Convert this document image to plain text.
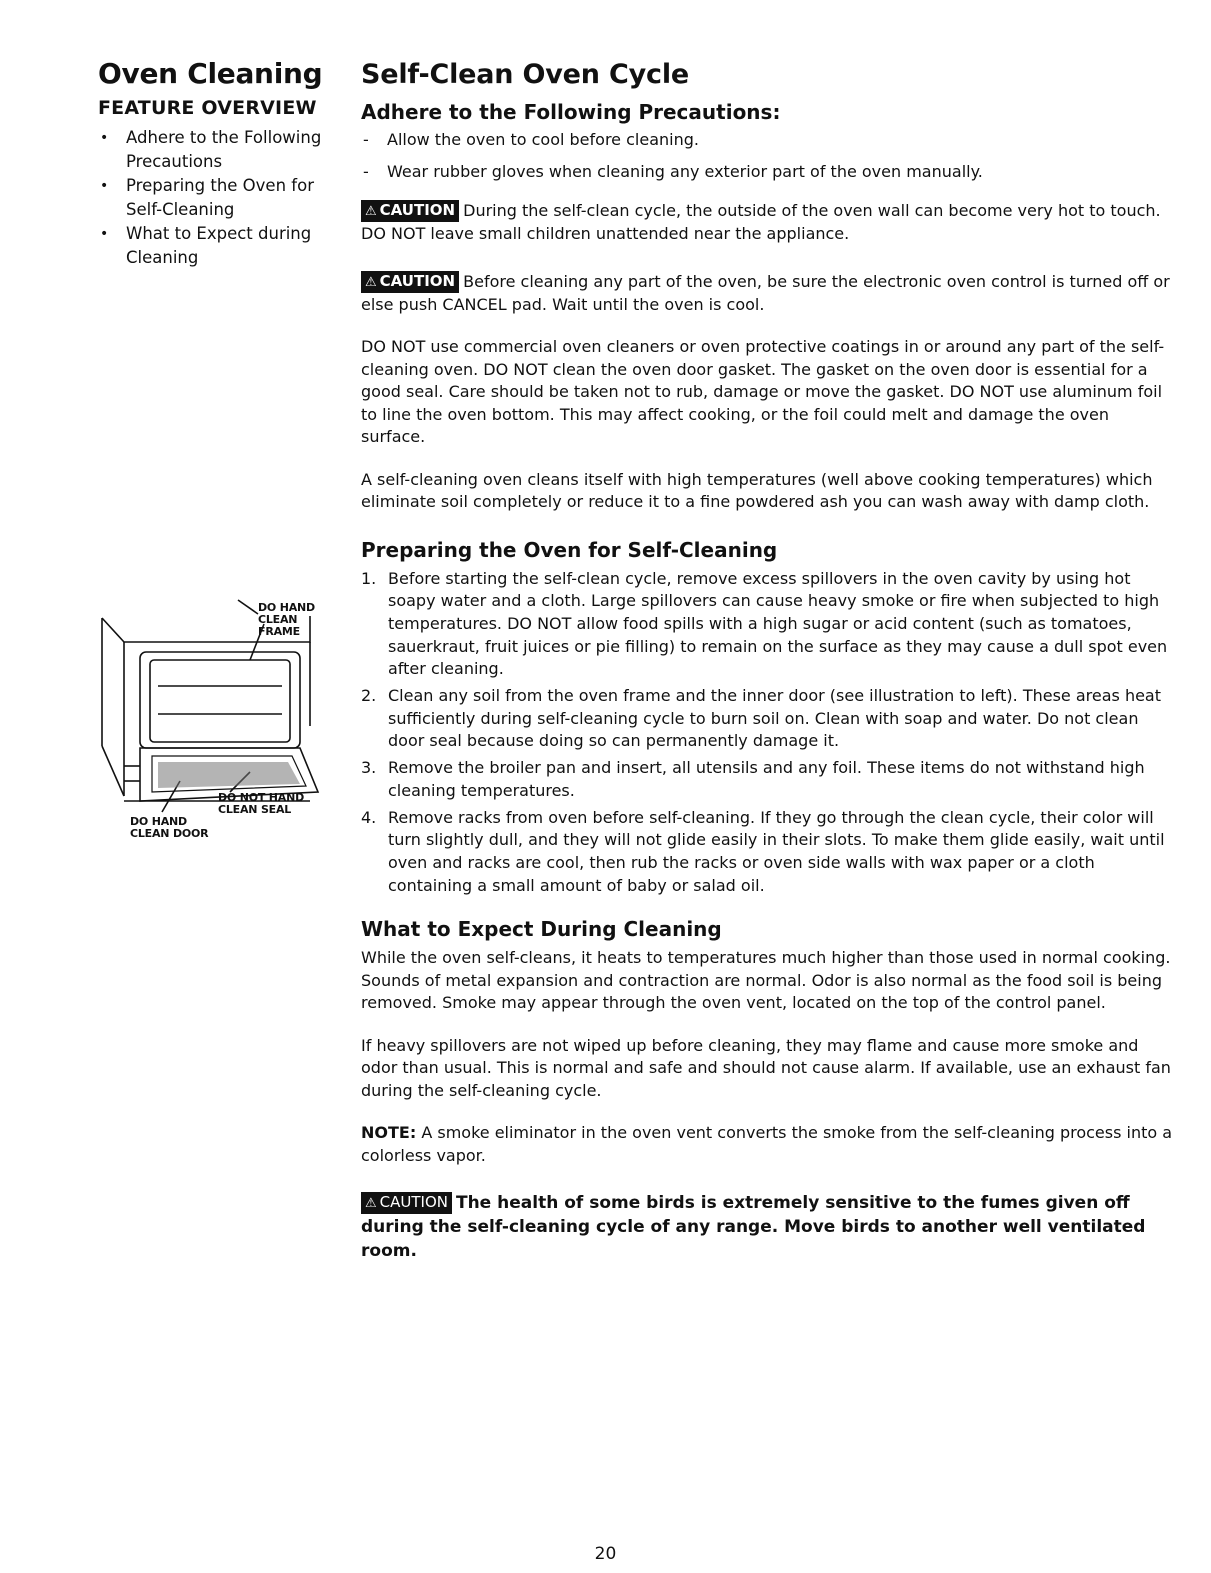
Oven Cleaning
FEATURE OVERVIEW
• Adhere to the Following Precautions
• Preparing the Oven for Self-Cleaning
• What to Expect during Cleaning
DO HAND CLEAN FRAME
DO NOT HAND CLEAN SEAL
DO HAND CLEAN DOOR
Self-Clean Oven Cycle
Adhere to the Following Precautions:
- Allow the oven to cool before cleaning.
- Wear rubber gloves when cleaning any exterior part of the oven manually.

⚠ CAUTION During the self-clean cycle, the outside of the oven wall can become very hot to touch. DO NOT leave small children unattended near the appliance.

⚠ CAUTION Before cleaning any part of the oven, be sure the electronic oven control is turned off or else push CANCEL pad. Wait until the oven is cool.

DO NOT use commercial oven cleaners or oven protective coatings in or around any part of the self-cleaning oven. DO NOT clean the oven door gasket. The gasket on the oven door is essential for a good seal. Care should be taken not to rub, damage or move the gasket. DO NOT use aluminum foil to line the oven bottom. This may affect cooking, or the foil could melt and damage the oven surface.

A self-cleaning oven cleans itself with high temperatures (well above cooking temperatures) which eliminate soil completely or reduce it to a fine powdered ash you can wash away with damp cloth.

Preparing the Oven for Self-Cleaning
1. Before starting the self-clean cycle, remove excess spillovers in the oven cavity by using hot soapy water and a cloth. Large spillovers can cause heavy smoke or fire when subjected to high temperatures. DO NOT allow food spills with a high sugar or acid content (such as tomatoes, sauerkraut, fruit juices or pie filling) to remain on the surface as they may cause a dull spot even after cleaning.
2. Clean any soil from the oven frame and the inner door (see illustration to left). These areas heat sufficiently during self-cleaning cycle to burn soil on. Clean with soap and water. Do not clean door seal because doing so can permanently damage it.
3. Remove the broiler pan and insert, all utensils and any foil. These items do not withstand high cleaning temperatures.
4. Remove racks from oven before self-cleaning. If they go through the clean cycle, their color will turn slightly dull, and they will not glide easily in their slots. To make them glide easily, wait until oven and racks are cool, then rub the racks or oven side walls with wax paper or a cloth containing a small amount of baby or salad oil.
What to Expect During Cleaning

While the oven self-cleans, it heats to temperatures much higher than those used in normal cooking. Sounds of metal expansion and contraction are normal. Odor is also normal as the food soil is being removed. Smoke may appear through the oven vent, located on the top of the control panel.

If heavy spillovers are not wiped up before cleaning, they may flame and cause more smoke and odor than usual. This is normal and safe and should not cause alarm. If available, use an exhaust fan during the self-cleaning cycle.

NOTE: A smoke eliminator in the oven vent converts the smoke from the self-cleaning process into a colorless vapor.

⚠ CAUTION The health of some birds is extremely sensitive to the fumes given off during the self-cleaning cycle of any range. Move birds to another well ventilated room.

20
